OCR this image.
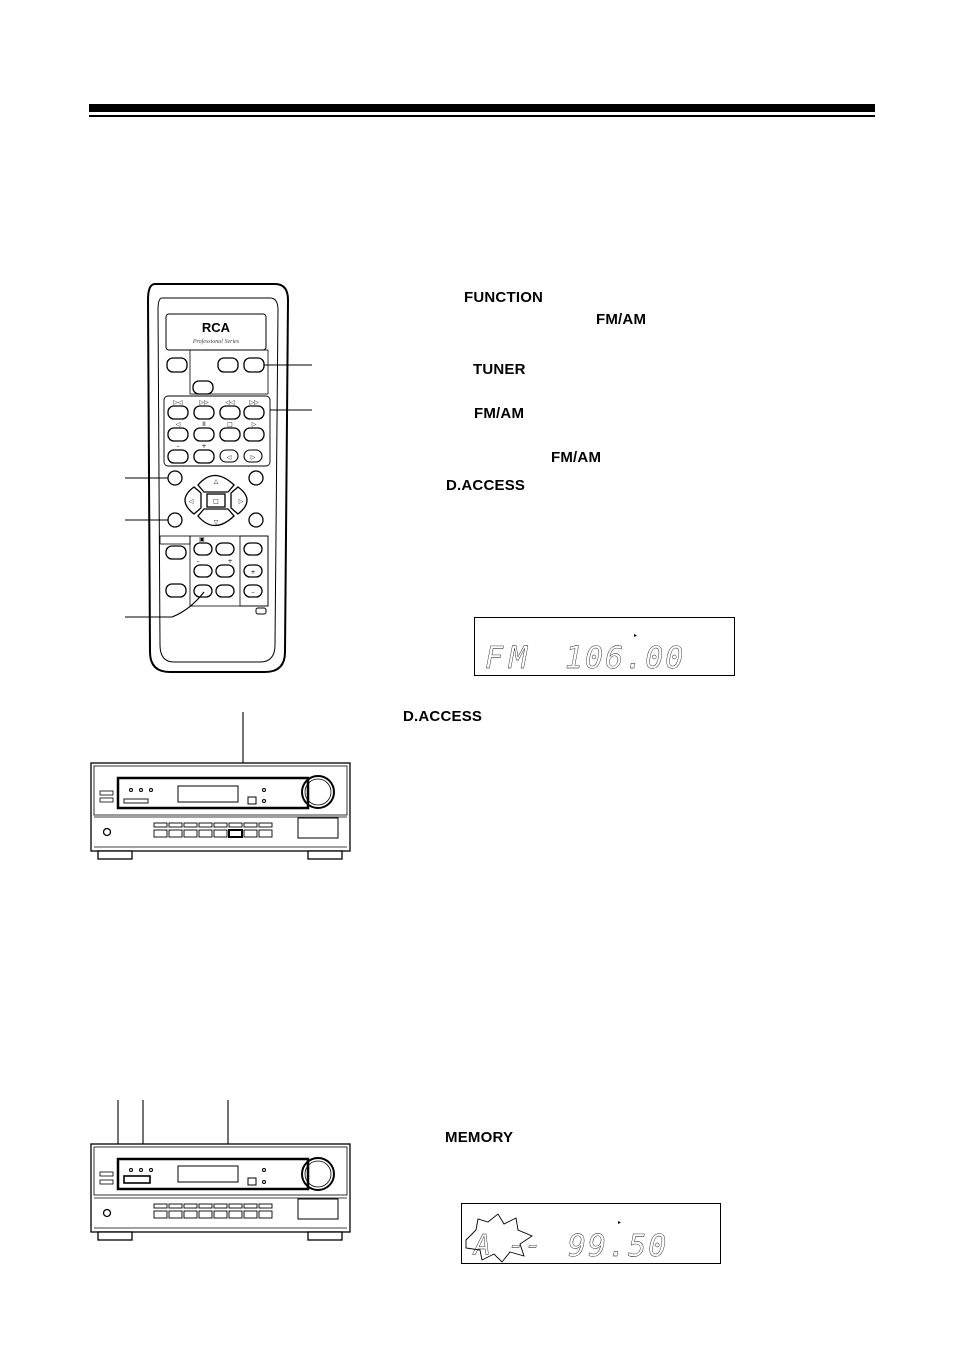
RCA
Professional Series
▷◁	▷▷	◁◁ ▷▷
◁	II	□	▷
–	+
◁	▷
△
▽
◁	▷
□
▣
–	+
+
–
FUNCTION
FM/AM
TUNER
FM/AM
FM/AM
D.ACCESS
D.ACCESS
MEMORY
▸
FM 106.00
▸
A -- 99.50
